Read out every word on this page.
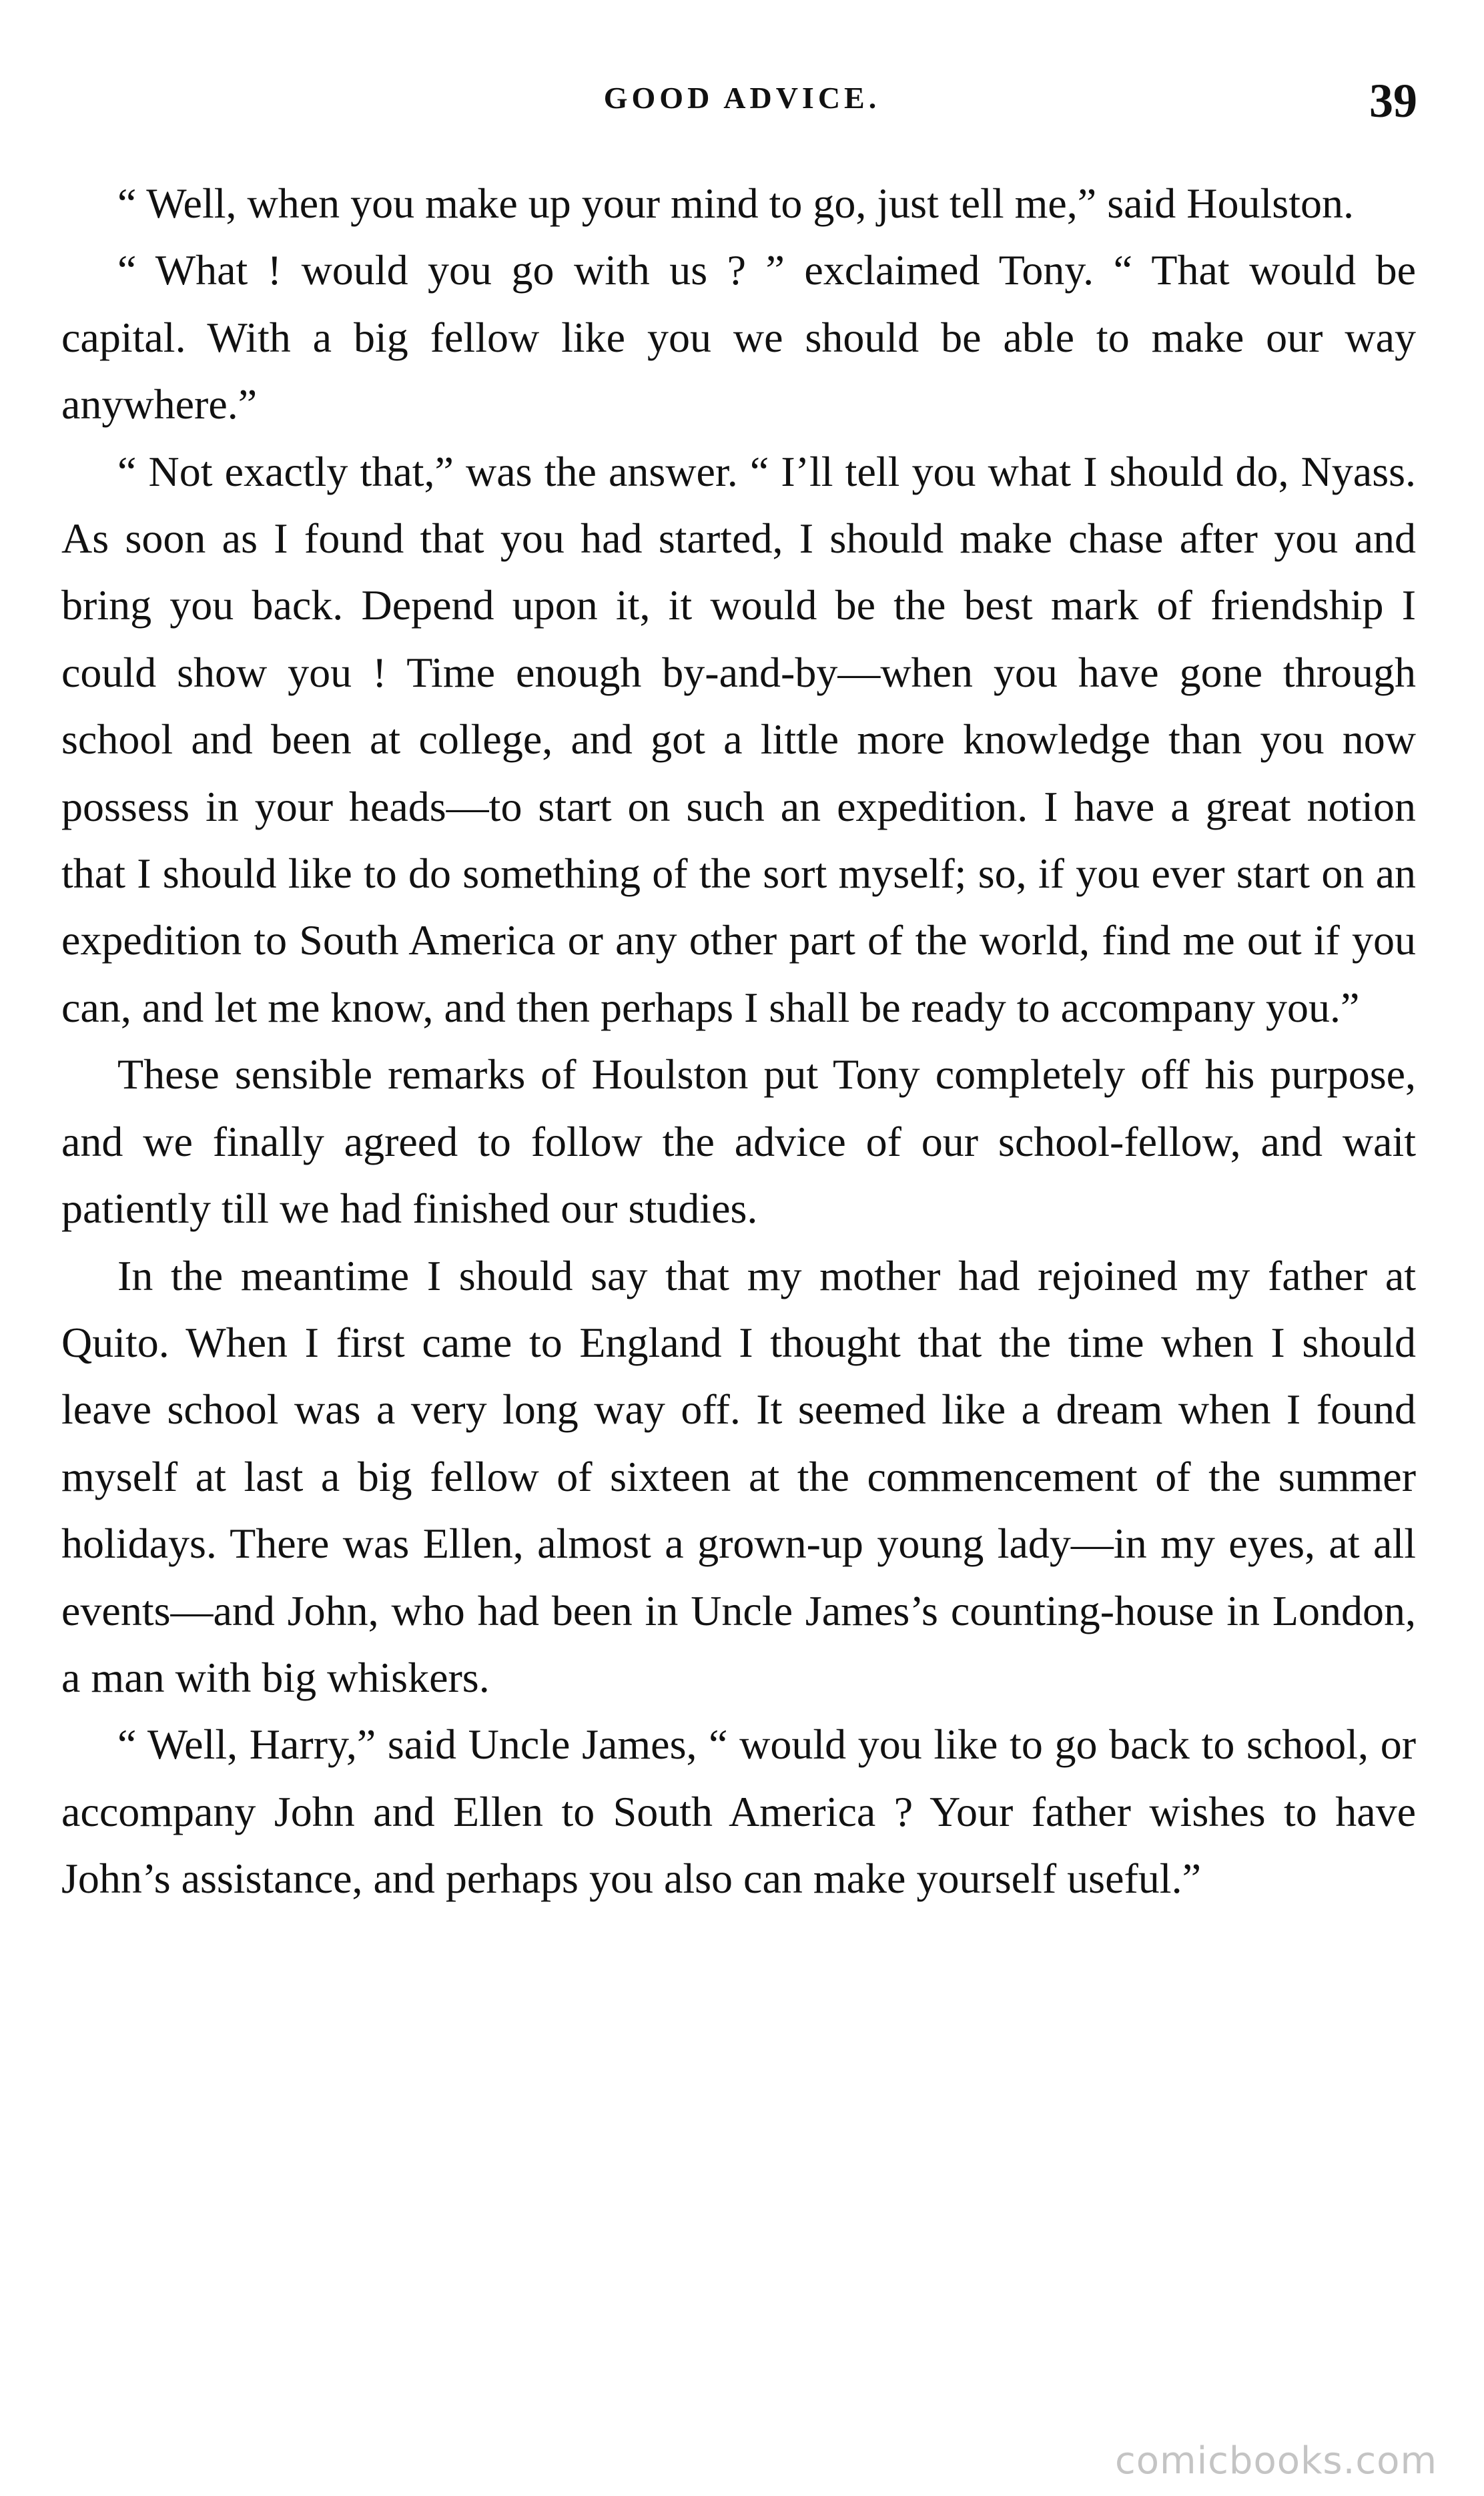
GOOD ADVICE.	39

“ Well, when you make up your mind to go, just tell me,” said Houlston.

“ What ! would you go with us ? ” exclaimed Tony. “ That would be capital. With a big fellow like you we should be able to make our way anywhere.”

“ Not exactly that,” was the answer. “ I’ll tell you what I should do, Nyass. As soon as I found that you had started, I should make chase after you and bring you back. Depend upon it, it would be the best mark of friendship I could show you ! Time enough by-and-by—when you have gone through school and been at college, and got a little more knowledge than you now possess in your heads—to start on such an expedition. I have a great notion that I should like to do something of the sort myself; so, if you ever start on an expedition to South America or any other part of the world, find me out if you can, and let me know, and then perhaps I shall be ready to accompany you.”

These sensible remarks of Houlston put Tony completely off his purpose, and we finally agreed to follow the advice of our school-fellow, and wait patiently till we had finished our studies.

In the meantime I should say that my mother had rejoined my father at Quito. When I first came to England I thought that the time when I should leave school was a very long way off. It seemed like a dream when I found myself at last a big fellow of sixteen at the commencement of the summer holidays. There was Ellen, almost a grown-up young lady—in my eyes, at all events—and John, who had been in Uncle James’s counting-house in London, a man with big whiskers.

“ Well, Harry,” said Uncle James, “ would you like to go back to school, or accompany John and Ellen to South America ? Your father wishes to have John’s assistance, and perhaps you also can make yourself useful.”

comicbooks.com
